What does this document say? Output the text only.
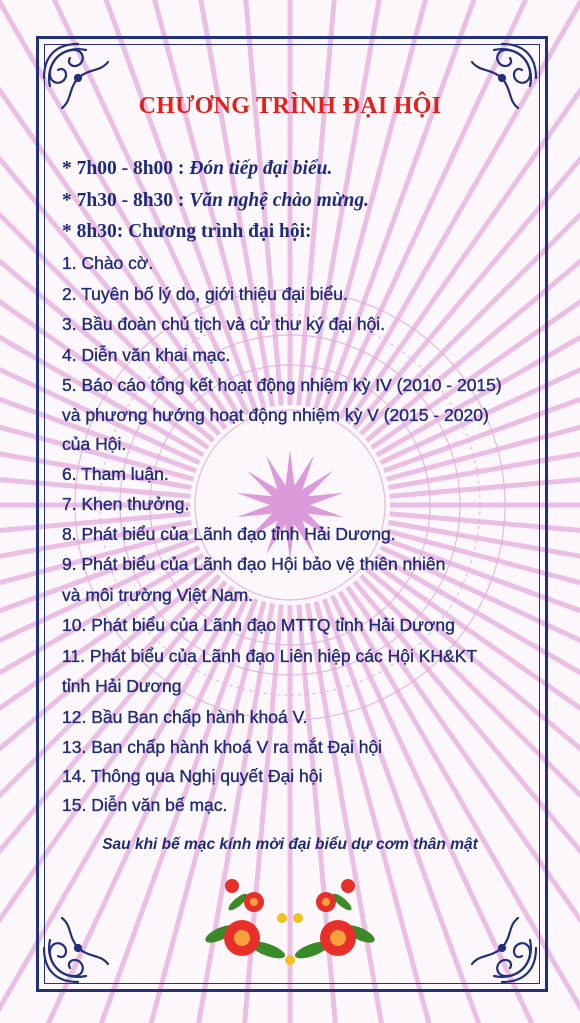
CHƯƠNG TRÌNH ĐẠI HỘI
* 7h00 - 8h00 : Đón tiếp đại biểu.
* 7h30 - 8h30 : Văn nghệ chào mừng.
* 8h30: Chương trình đại hội:
1. Chào cờ.
2. Tuyên bố lý do, giới thiệu đại biểu.
3. Bầu đoàn chủ tịch và cử thư ký đại hội.
4. Diễn văn khai mạc.
5. Báo cáo tổng kết hoạt động nhiệm kỳ IV (2010 - 2015)
và phương hướng hoạt động nhiệm kỳ V (2015 - 2020)
của Hội.
6. Tham luận.
7. Khen thưởng.
8. Phát biểu của Lãnh đạo tỉnh Hải Dương.
9. Phát biểu của Lãnh đạo Hội bảo vệ thiên nhiên
và môi trường Việt Nam.
10. Phát biểu của Lãnh đạo MTTQ tỉnh Hải Dương
11. Phát biểu của Lãnh đạo Liên hiệp các Hội KH&KT
tỉnh Hải Dương
12. Bầu Ban chấp hành khoá V.
13. Ban chấp hành khoá V ra mắt Đại hội
14. Thông qua Nghị quyết Đại hội
15. Diễn văn bế mạc.
Sau khi bế mạc kính mời đại biểu dự cơm thân mật
